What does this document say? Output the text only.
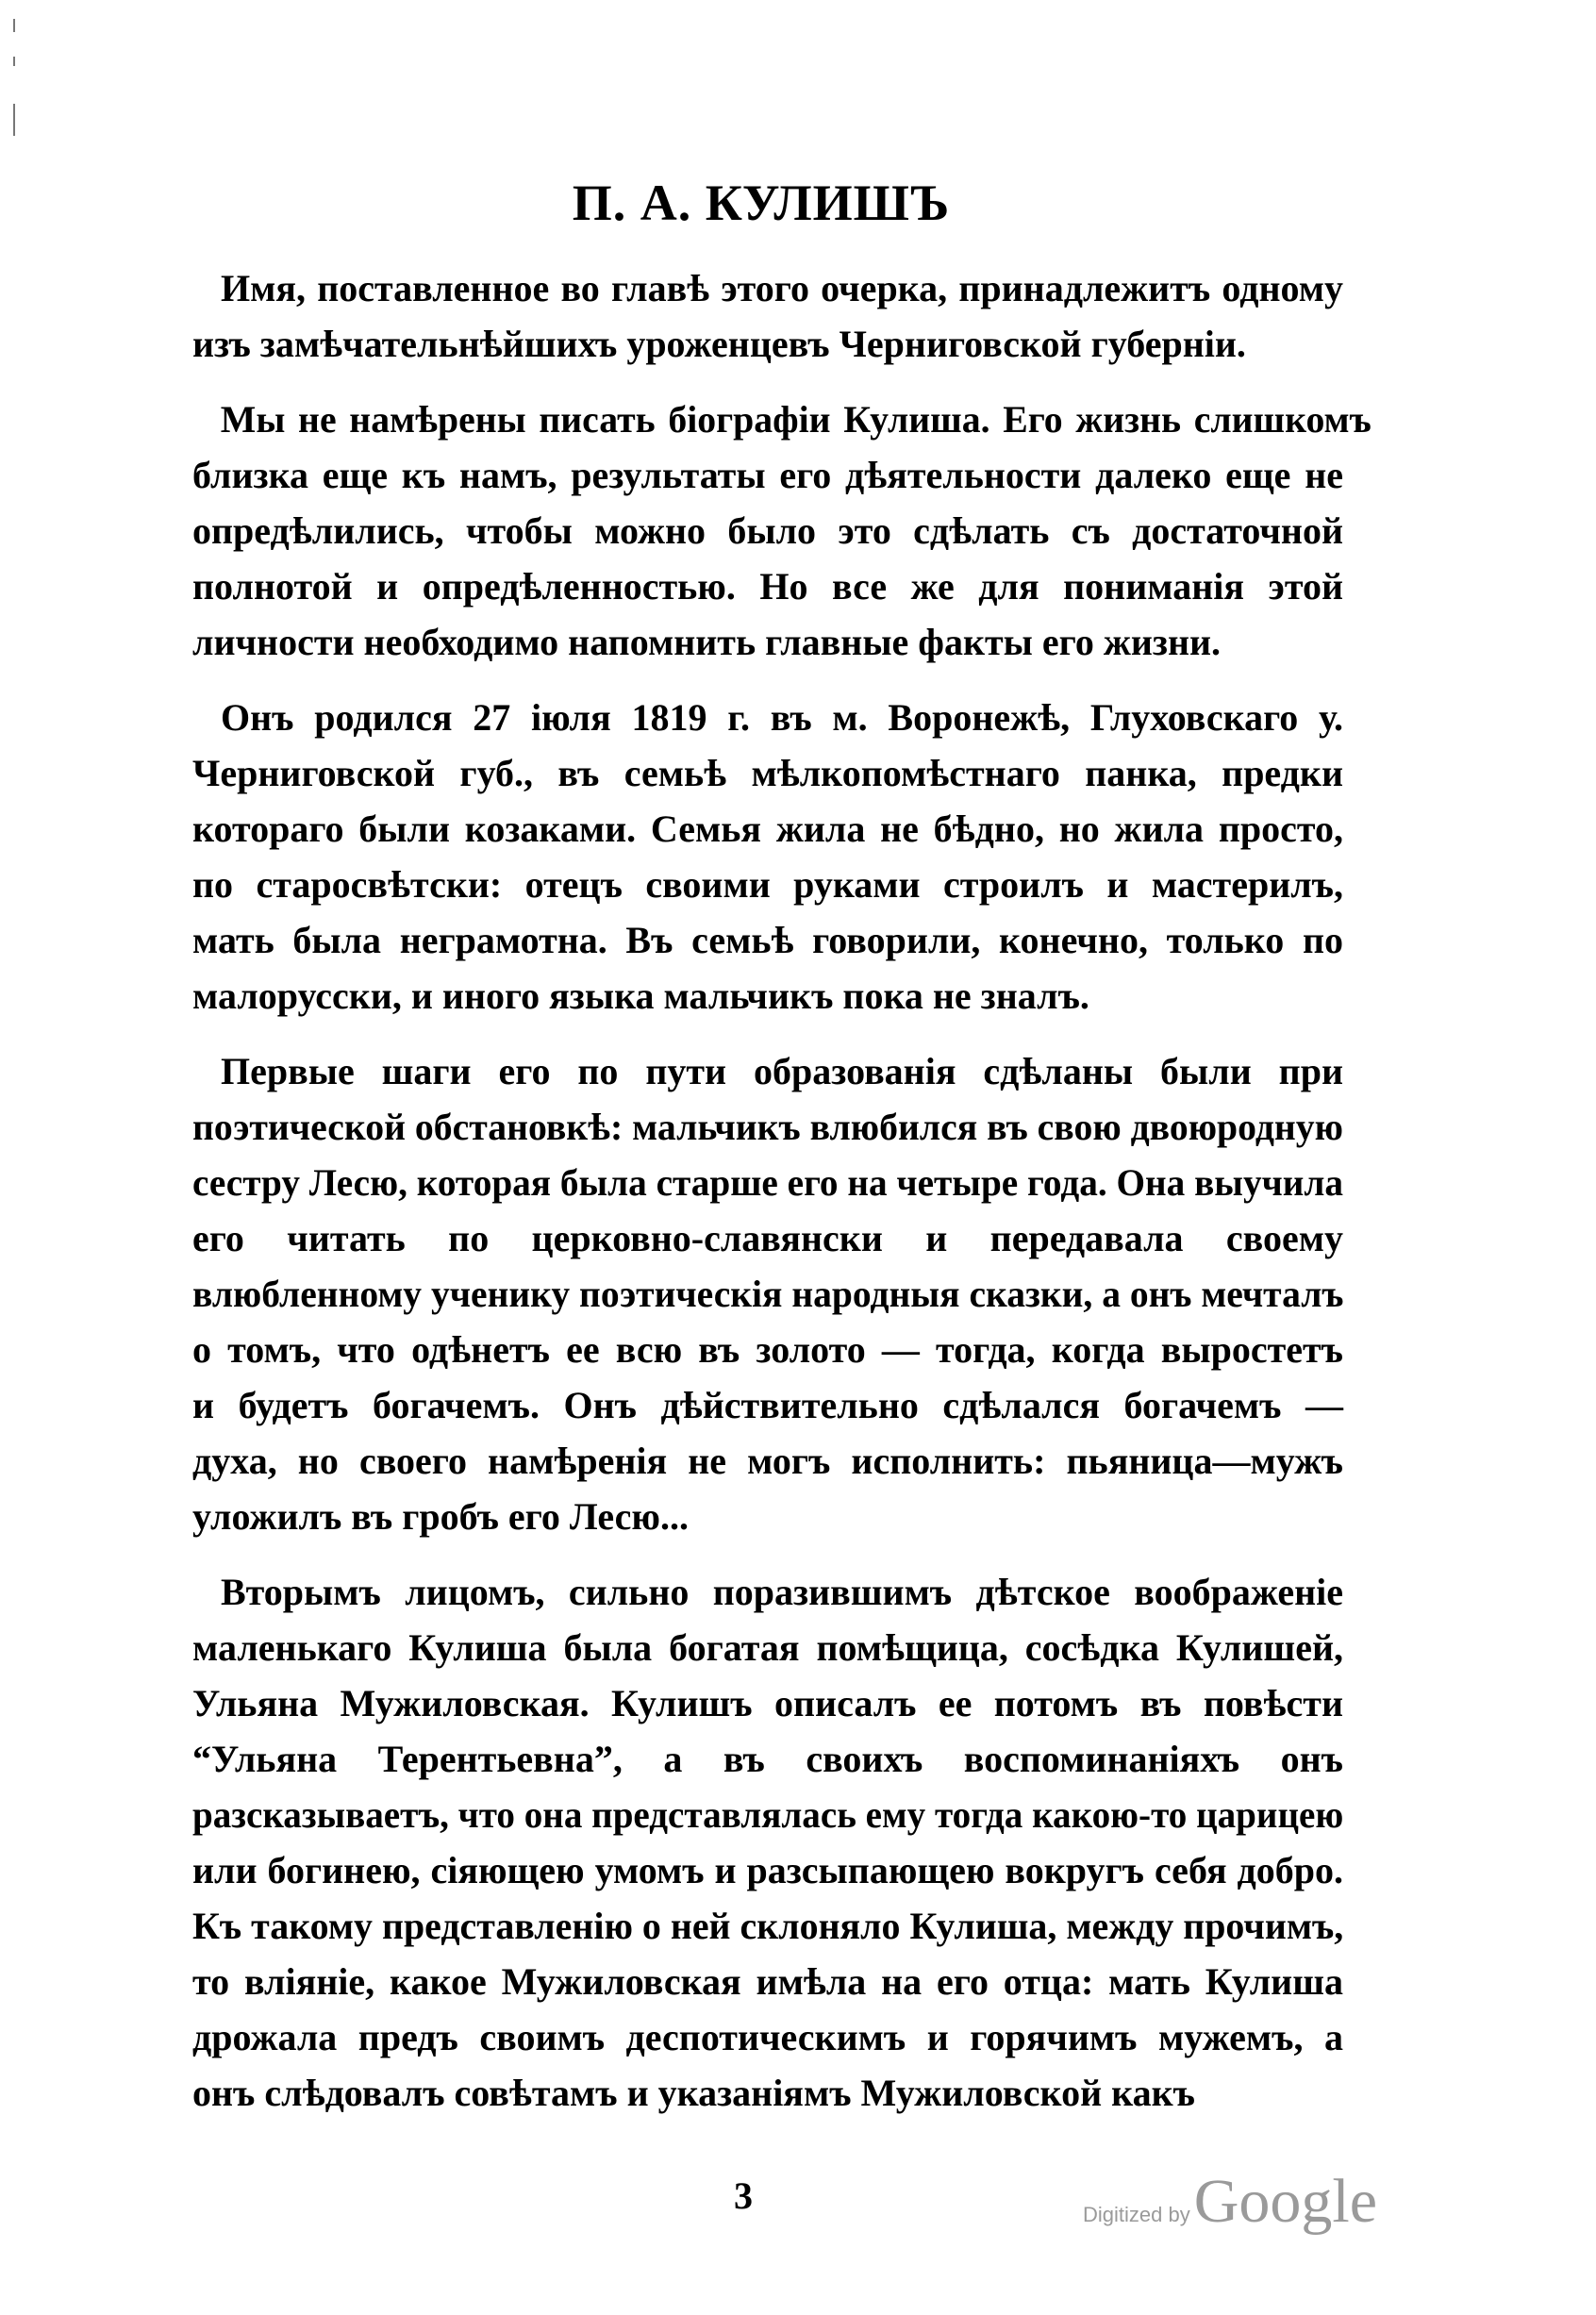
П. А. КУЛИШЪ
Имя, поставленное во главѣ этого очерка, принадлежитъ одному
изъ замѣчательнѣйшихъ уроженцевъ Черниговской губерніи.
Мы не намѣрены писать біографіи Кулиша. Его жизнь слишкомъ
близка еще къ намъ, результаты его дѣятельности далеко еще не
опредѣлились, чтобы можно было это сдѣлать съ достаточной
полнотой и опредѣленностью. Но все же для пониманія этой
личности необходимо напомнить главные факты его жизни.
Онъ родился 27 іюля 1819 г. въ м. Воронежѣ, Глуховскаго у.
Черниговской губ., въ семьѣ мѣлкопомѣстнаго панка, предки
котораго были козаками. Семья жила не бѣдно, но жила просто,
по старосвѣтски: отецъ своими руками строилъ и мастерилъ,
мать была неграмотна. Въ семьѣ говорили, конечно, только по
малорусски, и иного языка мальчикъ пока не зналъ.
Первые шаги его по пути образованія сдѣланы были при
поэтической обстановкѣ: мальчикъ влюбился въ свою двоюродную
сестру Лесю, которая была старше его на четыре года. Она выучила
его читать по церковно-славянски и передавала своему
влюбленному ученику поэтическія народныя сказки, а онъ мечталъ
о томъ, что одѣнетъ ее всю въ золото — тогда, когда выростетъ
и будетъ богачемъ. Онъ дѣйствительно сдѣлался богачемъ —
духа, но своего намѣренія не могъ исполнить: пьяница—мужъ
уложилъ въ гробъ его Лесю...
Вторымъ лицомъ, сильно поразившимъ дѣтское воображеніе
маленькаго Кулиша была богатая помѣщица, сосѣдка Кулишей,
Ульяна Мужиловская. Кулишъ описалъ ее потомъ въ повѣсти
“Ульяна Терентьевна”, а въ своихъ воспоминаніяхъ онъ
разсказываетъ, что она представлялась ему тогда какою-то царицею
или богинею, сіяющею умомъ и разсыпающею вокругъ себя добро.
Къ такому представленію о ней склоняло Кулиша, между прочимъ,
то вліяніе, какое Мужиловская имѣла на его отца: мать Кулиша
дрожала предъ своимъ деспотическимъ и горячимъ мужемъ, а
онъ слѣдовалъ совѣтамъ и указаніямъ Мужиловской какъ
3	Digitized byGoogle
